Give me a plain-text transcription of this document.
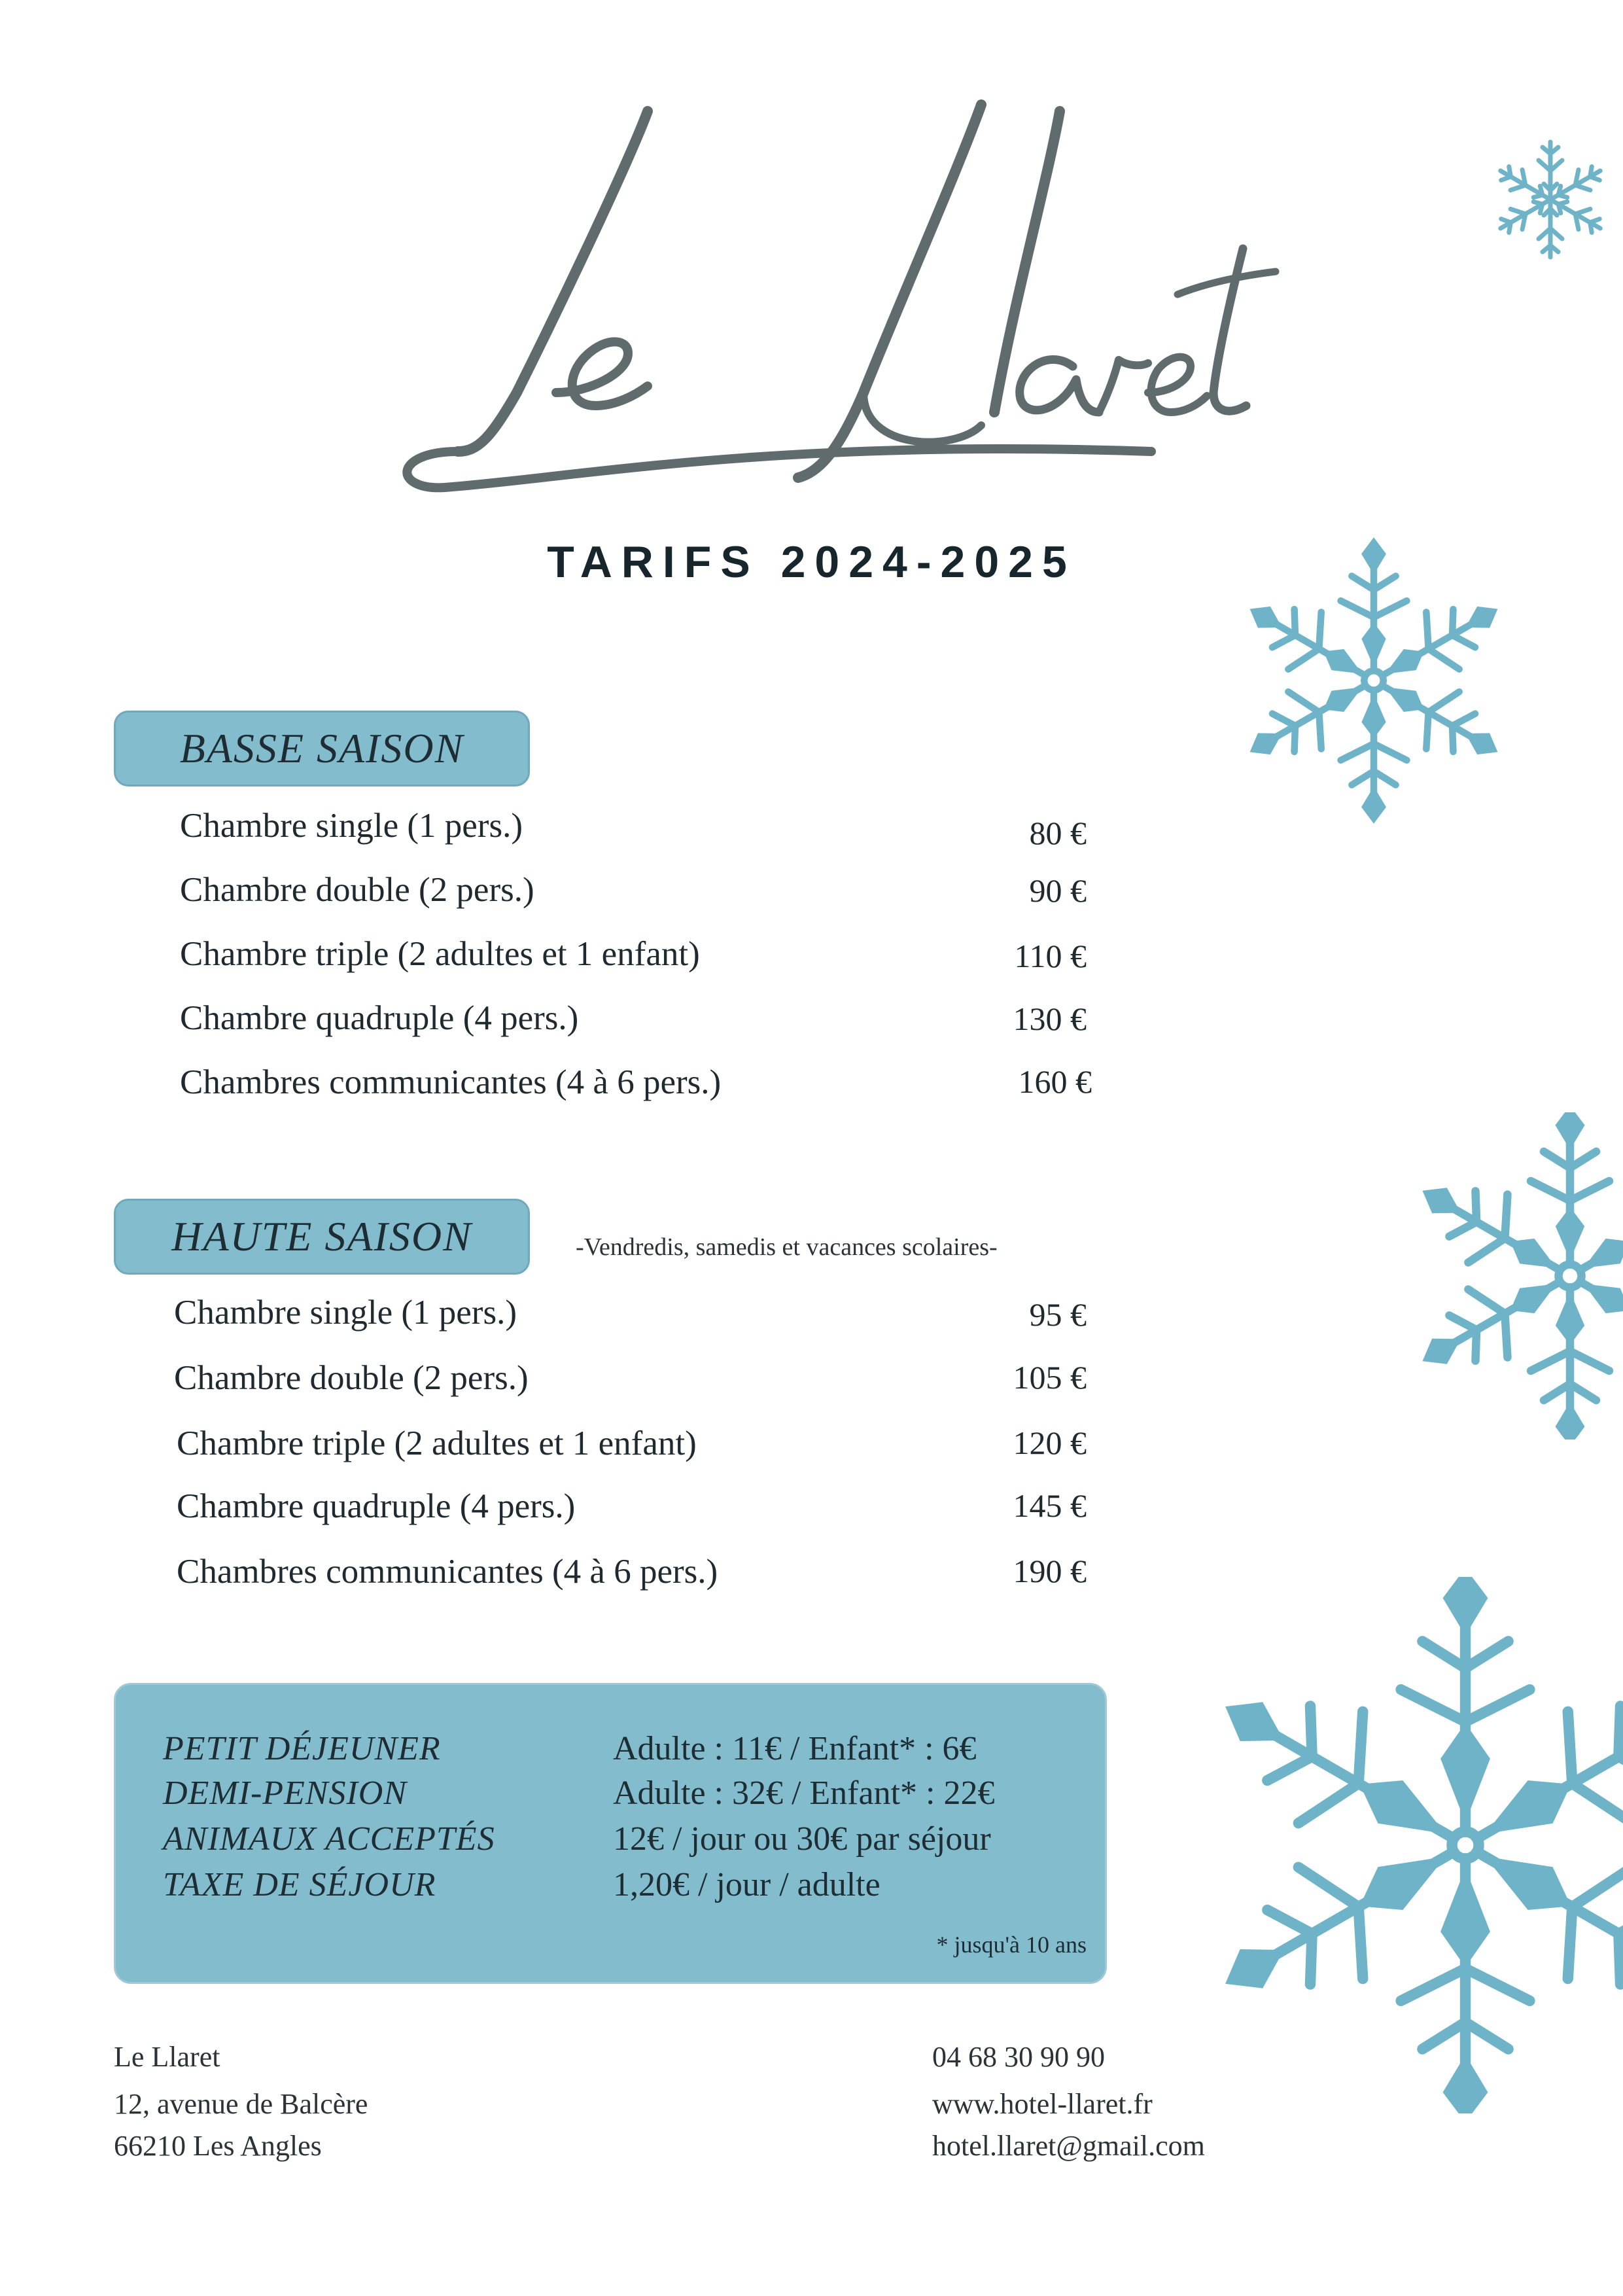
TARIFS 2024-2025
BASSE SAISON
Chambre single (1 pers.)	80 €
Chambre double (2 pers.)	90 €
Chambre triple (2 adultes et 1 enfant)	110 €
Chambre quadruple (4 pers.)	130 €
Chambres communicantes (4 à 6 pers.)	160 €
HAUTE SAISON	-Vendredis, samedis et vacances scolaires-
Chambre single (1 pers.)	95 €
Chambre double (2 pers.)	105 €
Chambre triple (2 adultes et 1 enfant)	120 €
Chambre quadruple (4 pers.)	145 €
Chambres communicantes (4 à 6 pers.)	190 €
PETIT DÉJEUNER	Adulte : 11€ / Enfant* : 6€
DEMI-PENSION	Adulte : 32€ / Enfant* : 22€
ANIMAUX ACCEPTÉS	12€ / jour ou 30€ par séjour
TAXE DE SÉJOUR	1,20€ / jour / adulte
* jusqu'à 10 ans
Le Llaret
12, avenue de Balcère
66210 Les Angles
04 68 30 90 90
www.hotel-llaret.fr
hotel.llaret@gmail.com
